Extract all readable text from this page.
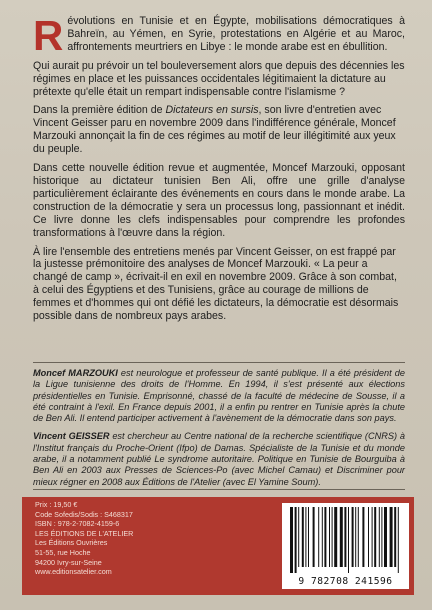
Révolutions en Tunisie et en Égypte, mobilisations démocratiques à Bahreïn, au Yémen, en Syrie, protestations en Algérie et au Maroc, affrontements meurtriers en Libye : le monde arabe est en ébullition.

Qui aurait pu prévoir un tel bouleversement alors que depuis des décennies les régimes en place et les puissances occidentales légitimaient la dictature au prétexte qu'elle était un rempart indispensable contre l'islamisme ?

Dans la première édition de Dictateurs en sursis, son livre d'entretien avec Vincent Geisser paru en novembre 2009 dans l'indifférence générale, Moncef Marzouki annonçait la fin de ces régimes au motif de leur illégitimité aux yeux du peuple.

Dans cette nouvelle édition revue et augmentée, Moncef Marzouki, opposant historique au dictateur tunisien Ben Ali, offre une grille d'analyse particulièrement éclairante des événements en cours dans le monde arabe. La construction de la démocratie y sera un processus long, passionnant et inédit. Ce livre donne les clefs indispensables pour comprendre les profondes transformations à l'œuvre dans la région.

À lire l'ensemble des entretiens menés par Vincent Geisser, on est frappé par la justesse prémonitoire des analyses de Moncef Marzouki. « La peur a changé de camp », écrivait-il en exil en novembre 2009. Grâce à son combat, à celui des Égyptiens et des Tunisiens, grâce au courage de millions de femmes et d'hommes qui ont défié les dictateurs, la démocratie est désormais possible dans de nombreux pays arabes.

Moncef MARZOUKI est neurologue et professeur de santé publique. Il a été président de la Ligue tunisienne des droits de l'Homme. En 1994, il s'est présenté aux élections présidentielles en Tunisie. Emprisonné, chassé de la faculté de médecine de Sousse, il a été contraint à l'exil. En France depuis 2001, il a enfin pu rentrer en Tunisie après la chute de Ben Ali. Il entend participer activement à l'avènement de la démocratie dans son pays.

Vincent GEISSER est chercheur au Centre national de la recherche scientifique (CNRS) à l'Institut français du Proche-Orient (Ifpo) de Damas. Spécialiste de la Tunisie et du monde arabe, il a notamment publié Le syndrome autoritaire. Politique en Tunisie de Bourguiba à Ben Ali en 2003 aux Presses de Sciences-Po (avec Michel Camau) et Discriminer pour mieux régner en 2008 aux Éditions de l'Atelier (avec El Yamine Soum).

Prix : 19,50 €
Code Sofedis/Sodis : S468317
ISBN : 978-2-7082-4159-6
LES ÉDITIONS DE L'ATELIER
Les Éditions Ouvrières
51-55, rue Hoche
94200 Ivry-sur-Seine
www.editionsatelier.com
9 782708 241596
